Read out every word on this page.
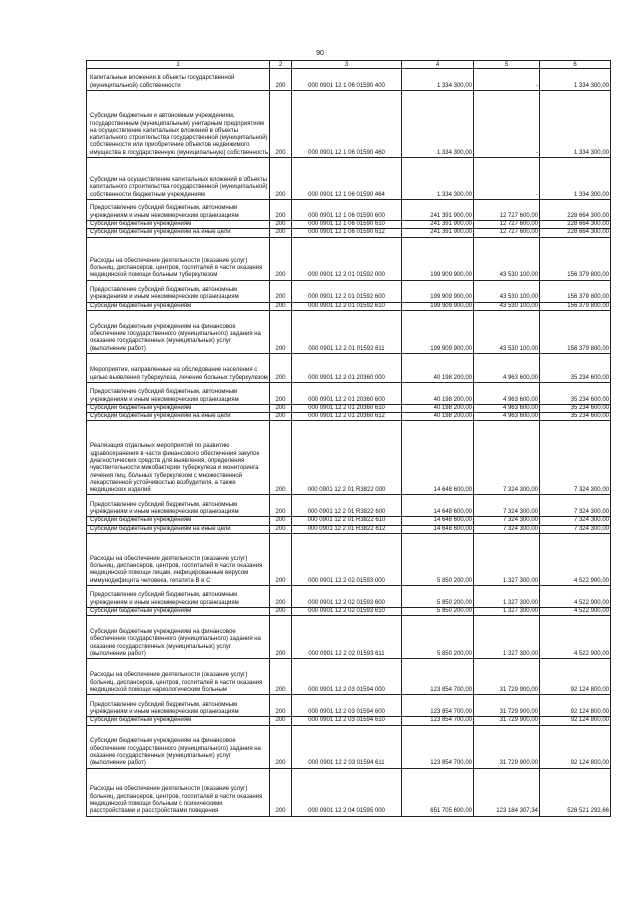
90
1	2	3	4	5	6
Капитальные вложения в объекты государственной (муниципальной) собственности	200	000 0901 12 1 06 01590 400	1 334 300,00	-	1 334 300,00
Субсидии бюджетным и автономным учреждениям, государственным (муниципальным) унитарным предприятиям на осуществление капитальных вложений в объекты капитального строительства государственной (муниципальной) собственности или приобретение объектов недвижимого имущества в государственную (муниципальную) собственность	200	000 0901 12 1 06 01590 460	1 334 300,00	-	1 334 300,00
Субсидии на осуществление капитальных вложений в объекты капитального строительства государственной (муниципальной) собственности бюджетным учреждениям	200	000 0901 12 1 06 01590 464	1 334 300,00	-	1 334 300,00
Предоставление субсидий бюджетным, автономным учреждениям и иным некоммерческим организациям	200	000 0901 12 1 06 01590 600	241 391 900,00	12 727 600,00	228 664 300,00
Субсидии бюджетным учреждениям	200	000 0901 12 1 06 01590 610	241 391 900,00	12 727 600,00	228 664 300,00
Субсидии бюджетным учреждениям на иные цели	200	000 0901 12 1 06 01590 612	241 391 900,00	12 727 600,00	228 664 300,00
Расходы на обеспечение деятельности (оказание услуг) больниц, диспансеров, центров, госпиталей в части оказания медицинской помощи больным туберкулезом	200	000 0901 12 2 01 01592 000	199 909 900,00	43 530 100,00	156 379 800,00
Предоставление субсидий бюджетным, автономным учреждениям и иным некоммерческим организациям	200	000 0901 12 2 01 01592 600	199 909 900,00	43 530 100,00	156 379 800,00
Субсидии бюджетным учреждениям	200	000 0901 12 2 01 01592 610	199 909 900,00	43 530 100,00	156 379 800,00
Субсидии бюджетным учреждениям на финансовое обеспечение государственного (муниципального) задания на оказание государственных (муниципальных) услуг (выполнение работ)	200	000 0901 12 2 01 01592 611	199 909 900,00	43 530 100,00	156 379 800,00
Мероприятия, направленные на обследование населения с целью выявления туберкулеза, лечение больных туберкулезом	200	000 0901 12 2 01 20360 000	40 198 200,00	4 963 600,00	35 234 600,00
Предоставление субсидий бюджетным, автономным учреждениям и иным некоммерческим организациям	200	000 0901 12 2 01 20360 600	40 198 200,00	4 963 600,00	35 234 600,00
Субсидии бюджетным учреждениям	200	000 0901 12 2 01 20360 610	40 198 200,00	4 963 600,00	35 234 600,00
Субсидии бюджетным учреждениям на иные цели	200	000 0901 12 2 01 20360 612	40 198 200,00	4 963 600,00	35 234 600,00
Реализация отдельных мероприятий по развитию здравоохранения в части финансового обеспечения закупок диагностических средств для выявления, определения чувствительности микобактерии туберкулеза и мониторинга лечения лиц, больных туберкулезом с множественной лекарственной устойчивостью возбудителя, а также медицинских изделий	200	000 0901 12 2 01 R3822 000	14 648 600,00	7 324 300,00	7 324 300,00
Предоставление субсидий бюджетным, автономным учреждениям и иным некоммерческим организациям	200	000 0901 12 2 01 R3822 600	14 648 600,00	7 324 300,00	7 324 300,00
Субсидии бюджетным учреждениям	200	000 0901 12 2 01 R3822 610	14 648 600,00	7 324 300,00	7 324 300,00
Субсидии бюджетным учреждениям на иные цели	200	000 0901 12 2 01 R3822 612	14 648 600,00	7 324 300,00	7 324 300,00
Расходы на обеспечение деятельности (оказание услуг) больниц, диспансеров, центров, госпиталей в части оказания медицинской помощи лицам, инфицированным вирусом иммунодефицита человека, гепатита В и С	200	000 0901 12 2 02 01593 000	5 850 200,00	1 327 300,00	4 522 900,00
Предоставление субсидий бюджетным, автономным учреждениям и иным некоммерческим организациям	200	000 0901 12 2 02 01593 600	5 850 200,00	1 327 300,00	4 522 900,00
Субсидии бюджетным учреждениям	200	000 0901 12 2 02 01593 610	5 850 200,00	1 327 300,00	4 522 900,00
Субсидии бюджетным учреждениям на финансовое обеспечение государственного (муниципального) задания на оказание государственных (муниципальных) услуг (выполнение работ)	200	000 0901 12 2 02 01593 611	5 850 200,00	1 327 300,00	4 522 900,00
Расходы на обеспечение деятельности (оказание услуг) больниц, диспансеров, центров, госпиталей в части оказания медицинской помощи наркологическим больным	200	000 0901 12 2 03 01594 000	123 854 700,00	31 729 900,00	92 124 800,00
Предоставление субсидий бюджетным, автономным учреждениям и иным некоммерческим организациям	200	000 0901 12 2 03 01594 600	123 854 700,00	31 729 900,00	92 124 800,00
Субсидии бюджетным учреждениям	200	000 0901 12 2 03 01594 610	123 854 700,00	31 729 900,00	92 124 800,00
Субсидии бюджетным учреждениям на финансовое обеспечение государственного (муниципального) задания на оказание государственных (муниципальных) услуг (выполнение работ)	200	000 0901 12 2 03 01594 611	123 854 700,00	31 729 900,00	92 124 800,00
Расходы на обеспечение деятельности (оказание услуг) больниц, диспансеров, центров, госпиталей в части оказания медицинской помощи больным с психическими расстройствами и расстройствами поведения	200	000 0901 12 2 04 01595 000	651 705 600,00	123 184 307,34	528 521 292,66
